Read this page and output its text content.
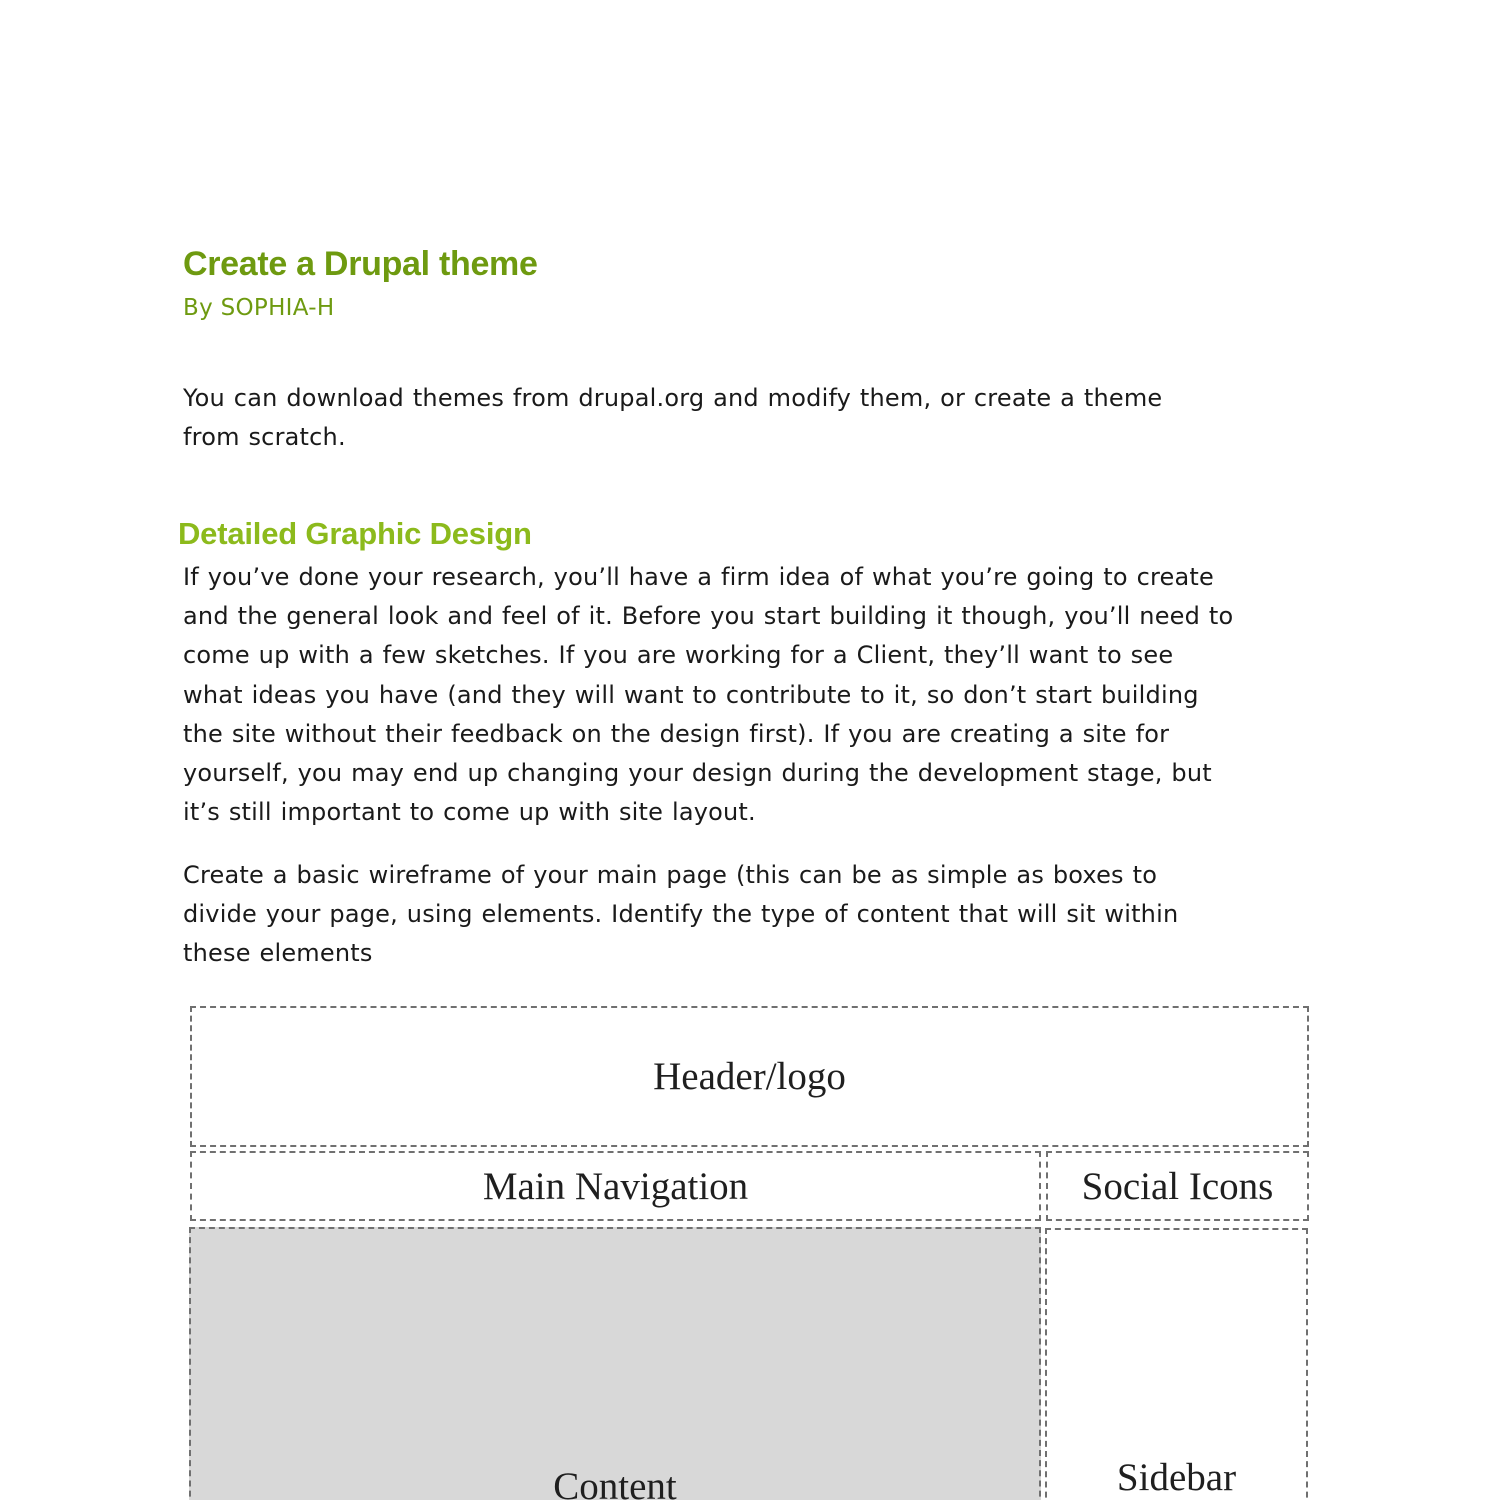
Create a Drupal theme
By SOPHIA-H

You can download themes from drupal.org and modify them, or create a theme
from scratch.

Detailed Graphic Design

If you’ve done your research, you’ll have a firm idea of what you’re going to create
and the general look and feel of it. Before you start building it though, you’ll need to
come up with a few sketches. If you are working for a Client, they’ll want to see
what ideas you have (and they will want to contribute to it, so don’t start building
the site without their feedback on the design first). If you are creating a site for
yourself, you may end up changing your design during the development stage, but
it’s still important to come up with site layout.

Create a basic wireframe of your main page (this can be as simple as boxes to
divide your page, using elements. Identify the type of content that will sit within
these elements

Header/logo
Main Navigation	Social Icons
Content	Sidebar
